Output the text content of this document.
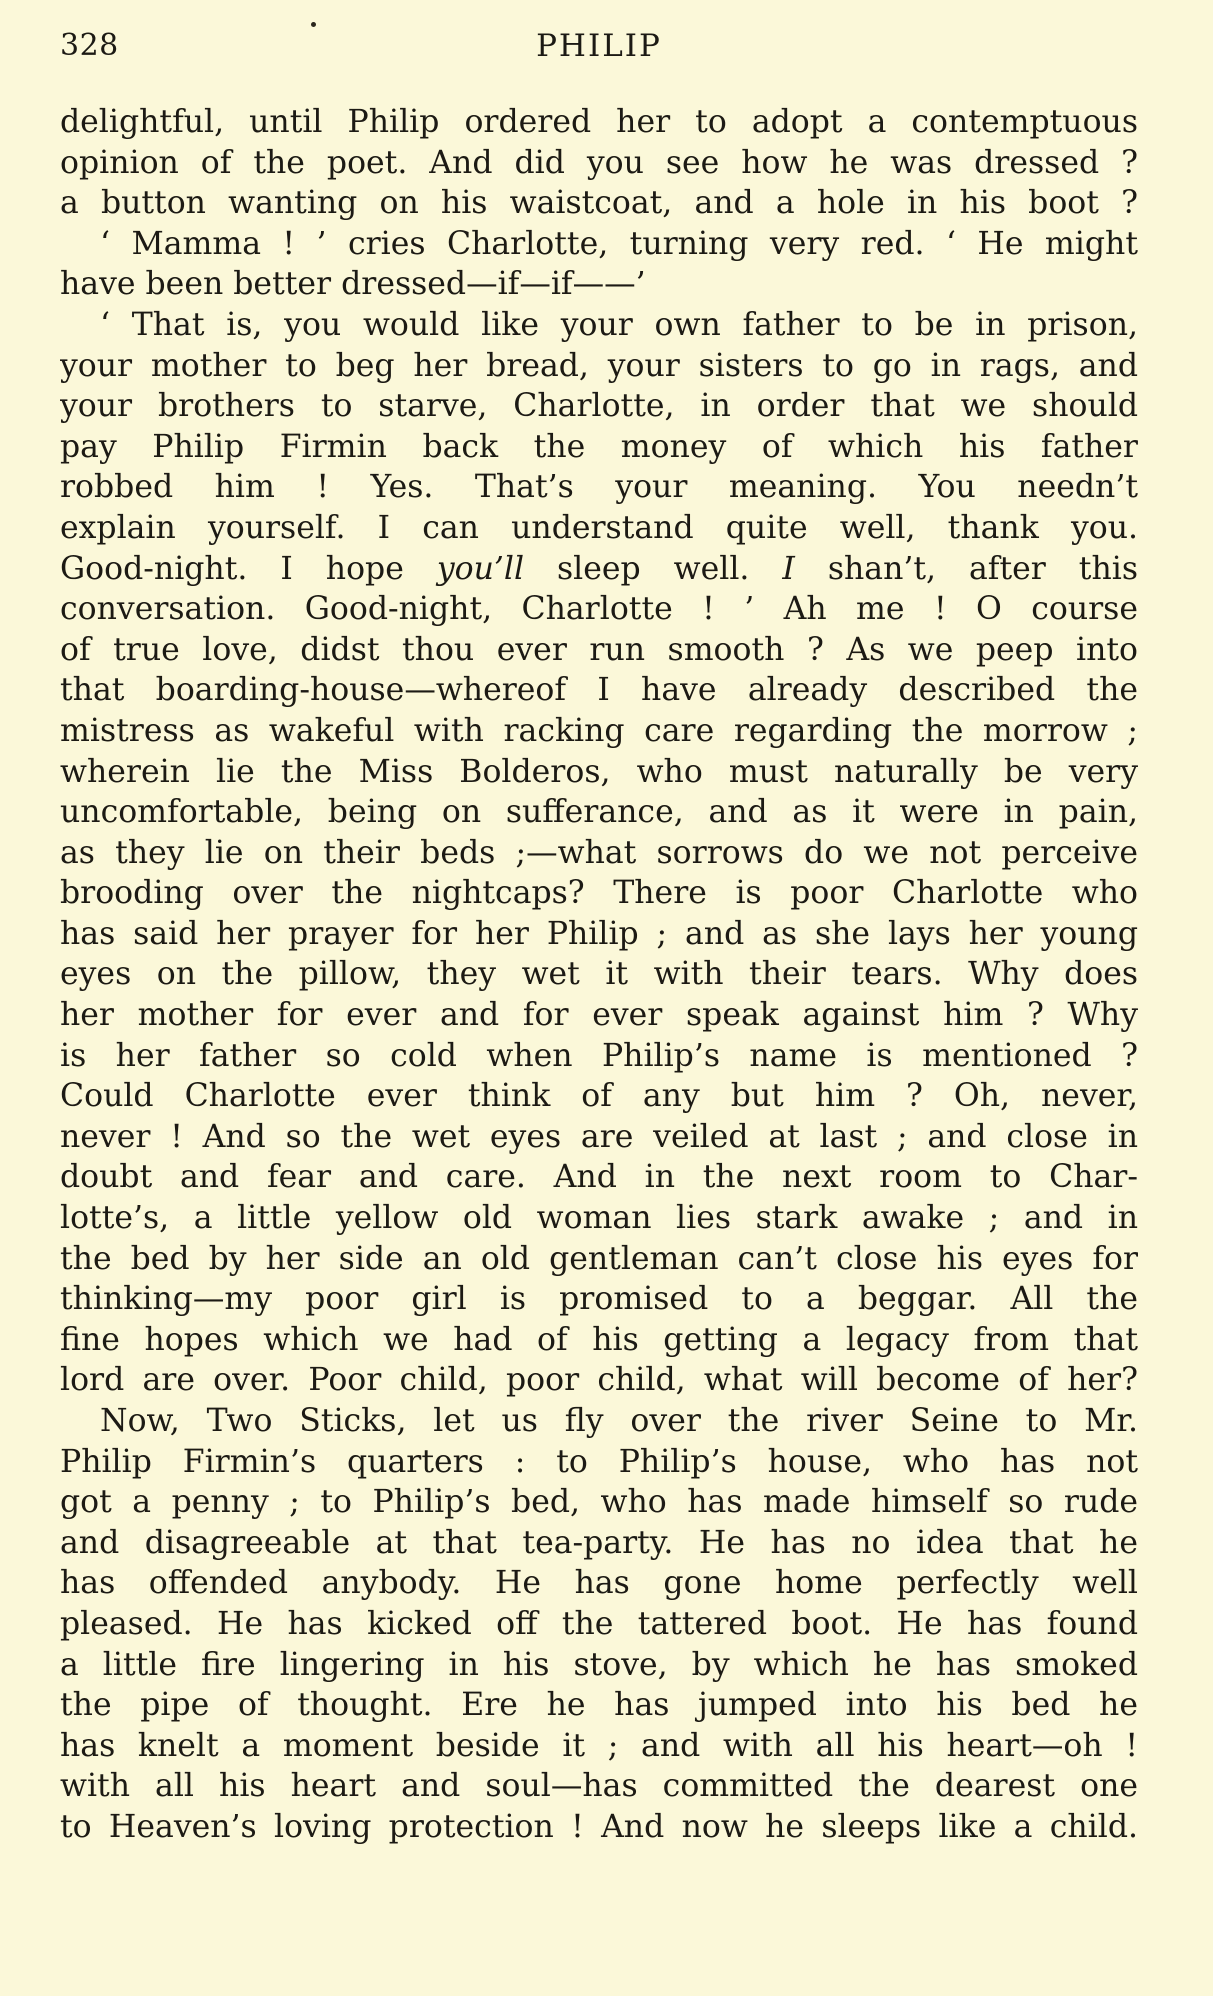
328	PHILIP
delightful, until Philip ordered her to adopt a contemptuous
opinion of the poet. And did you see how he was dressed ?
a button wanting on his waistcoat, and a hole in his boot ?
‘ Mamma ! ’ cries Charlotte, turning very red. ‘ He might
have been better dressed—if—if——’
‘ That is, you would like your own father to be in prison,
your mother to beg her bread, your sisters to go in rags, and
your brothers to starve, Charlotte, in order that we should
pay Philip Firmin back the money of which his father
robbed him ! Yes. That’s your meaning. You needn’t
explain yourself. I can understand quite well, thank you.
Good-night. I hope you’ll sleep well. I shan’t, after this
conversation. Good-night, Charlotte ! ’ Ah me ! O course
of true love, didst thou ever run smooth ? As we peep into
that boarding-house—whereof I have already described the
mistress as wakeful with racking care regarding the morrow ;
wherein lie the Miss Bolderos, who must naturally be very
uncomfortable, being on sufferance, and as it were in pain,
as they lie on their beds ;—what sorrows do we not perceive
brooding over the nightcaps? There is poor Charlotte who
has said her prayer for her Philip ; and as she lays her young
eyes on the pillow, they wet it with their tears. Why does
her mother for ever and for ever speak against him ? Why
is her father so cold when Philip’s name is mentioned ?
Could Charlotte ever think of any but him ? Oh, never,
never ! And so the wet eyes are veiled at last ; and close in
doubt and fear and care. And in the next room to Char-
lotte’s, a little yellow old woman lies stark awake ; and in
the bed by her side an old gentleman can’t close his eyes for
thinking—my poor girl is promised to a beggar. All the
fine hopes which we had of his getting a legacy from that
lord are over. Poor child, poor child, what will become of her?
Now, Two Sticks, let us fly over the river Seine to Mr.
Philip Firmin’s quarters : to Philip’s house, who has not
got a penny ; to Philip’s bed, who has made himself so rude
and disagreeable at that tea-party. He has no idea that he
has offended anybody. He has gone home perfectly well
pleased. He has kicked off the tattered boot. He has found
a little fire lingering in his stove, by which he has smoked
the pipe of thought. Ere he has jumped into his bed he
has knelt a moment beside it ; and with all his heart—oh !
with all his heart and soul—has committed the dearest one
to Heaven’s loving protection ! And now he sleeps like a child.
